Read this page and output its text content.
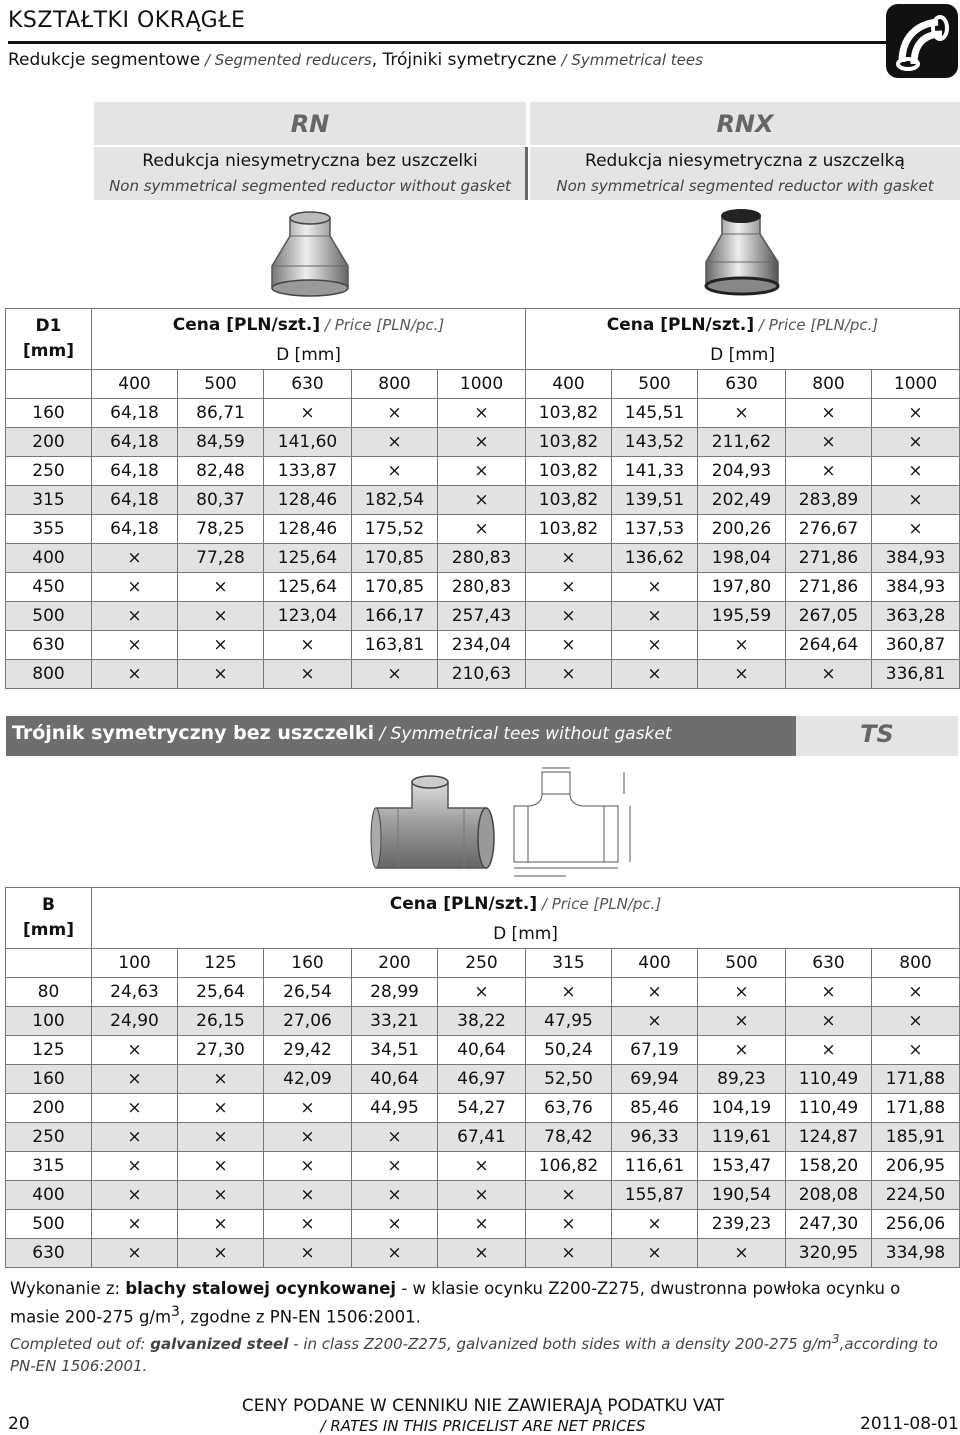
KSZTAŁTKI OKRĄGŁE
Redukcje segmentowe / Segmented reducers, Trójniki symetryczne / Symmetrical tees
RN
Redukcja niesymetryczna bez uszczelki
Non symmetrical segmented reductor without gasket
RNX
Redukcja niesymetryczna z uszczelką
Non symmetrical segmented reductor with gasket
D1
[mm]	Cena [PLN/szt.] / Price [PLN/pc.]					Cena [PLN/szt.] / Price [PLN/pc.]				
	D [mm]					D [mm]				
	400	500	630	800	1000	400	500	630	800	1000
160	64,18	86,71	×	×	×	103,82	145,51	×	×	×
200	64,18	84,59	141,60	×	×	103,82	143,52	211,62	×	×
250	64,18	82,48	133,87	×	×	103,82	141,33	204,93	×	×
315	64,18	80,37	128,46	182,54	×	103,82	139,51	202,49	283,89	×
355	64,18	78,25	128,46	175,52	×	103,82	137,53	200,26	276,67	×
400	×	77,28	125,64	170,85	280,83	×	136,62	198,04	271,86	384,93
450	×	×	125,64	170,85	280,83	×	×	197,80	271,86	384,93
500	×	×	123,04	166,17	257,43	×	×	195,59	267,05	363,28
630	×	×	×	163,81	234,04	×	×	×	264,64	360,87
800	×	×	×	×	210,63	×	×	×	×	336,81
Trójnik symetryczny bez uszczelki / Symmetrical tees without gasket	TS
B
[mm]	Cena [PLN/szt.] / Price [PLN/pc.]									
	D [mm]									
	100	125	160	200	250	315	400	500	630	800
80	24,63	25,64	26,54	28,99	×	×	×	×	×	×
100	24,90	26,15	27,06	33,21	38,22	47,95	×	×	×	×
125	×	27,30	29,42	34,51	40,64	50,24	67,19	×	×	×
160	×	×	42,09	40,64	46,97	52,50	69,94	89,23	110,49	171,88
200	×	×	×	44,95	54,27	63,76	85,46	104,19	110,49	171,88
250	×	×	×	×	67,41	78,42	96,33	119,61	124,87	185,91
315	×	×	×	×	×	106,82	116,61	153,47	158,20	206,95
400	×	×	×	×	×	×	155,87	190,54	208,08	224,50
500	×	×	×	×	×	×	×	239,23	247,30	256,06
630	×	×	×	×	×	×	×	×	320,95	334,98
Wykonanie z: blachy stalowej ocynkowanej - w klasie ocynku Z200-Z275, dwustronna powłoka ocynku o masie 200-275 $g/m^3$, zgodne z PN-EN 1506:2001.
Completed out of: galvanized steel - in class Z200-Z275, galvanized both sides with a density 200-275 $g/m^3,according$ to PN-EN 1506:2001.
CENY PODANE W CENNIKU NIE ZAWIERAJĄ PODATKU VAT
/ RATES IN THIS PRICELIST ARE NET PRICES
20	2011-08-01
